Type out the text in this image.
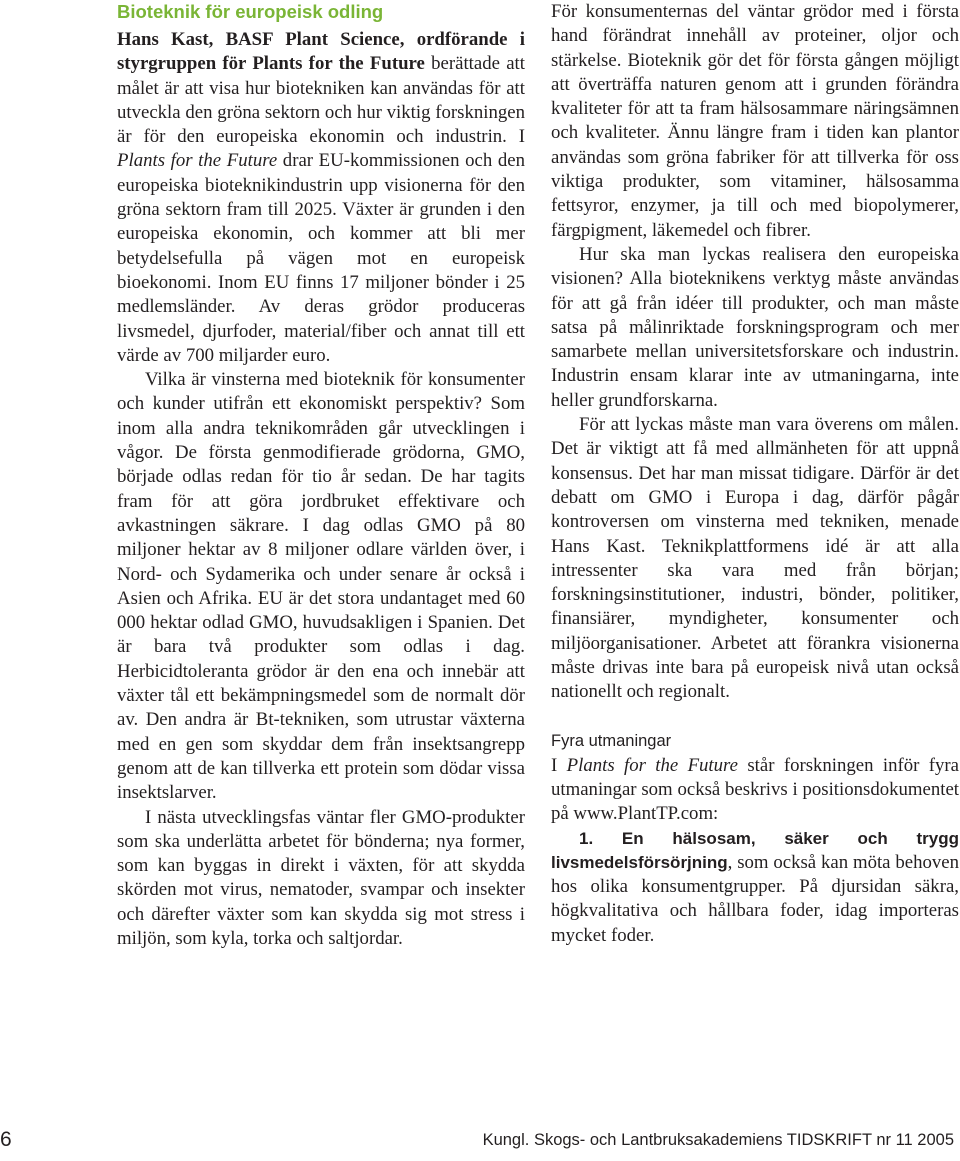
Bioteknik för europeisk odling

Hans Kast, BASF Plant Science, ordförande i styrgruppen för Plants for the Future berättade att målet är att visa hur biotekniken kan användas för att utveckla den gröna sektorn och hur viktig forskningen är för den europeiska ekonomin och industrin. I Plants for the Future drar EU-kommissionen och den europeiska bioteknikindustrin upp visionerna för den gröna sektorn fram till 2025. Växter är grunden i den europeiska ekonomin, och kommer att bli mer betydelsefulla på vägen mot en europeisk bioekonomi. Inom EU finns 17 miljoner bönder i 25 medlemsländer. Av deras grödor produceras livsmedel, djurfoder, material/fiber och annat till ett värde av 700 miljarder euro.

Vilka är vinsterna med bioteknik för konsumenter och kunder utifrån ett ekonomiskt perspektiv? Som inom alla andra teknikområden går utvecklingen i vågor. De första genmodifierade grödorna, GMO, började odlas redan för tio år sedan. De har tagits fram för att göra jordbruket effektivare och avkastningen säkrare. I dag odlas GMO på 80 miljoner hektar av 8 miljoner odlare världen över, i Nord- och Sydamerika och under senare år också i Asien och Afrika. EU är det stora undantaget med 60 000 hektar odlad GMO, huvudsakligen i Spanien. Det är bara två produkter som odlas i dag. Herbicidtoleranta grödor är den ena och innebär att växter tål ett bekämpningsmedel som de normalt dör av. Den andra är Bt-tekniken, som utrustar växterna med en gen som skyddar dem från insektsangrepp genom att de kan tillverka ett protein som dödar vissa insektslarver.

I nästa utvecklingsfas väntar fler GMO-produkter som ska underlätta arbetet för bönderna; nya former, som kan byggas in direkt i växten, för att skydda skörden mot virus, nematoder, svampar och insekter och därefter växter som kan skydda sig mot stress i miljön, som kyla, torka och saltjordar.

För konsumenternas del väntar grödor med i första hand förändrat innehåll av proteiner, oljor och stärkelse. Bioteknik gör det för första gången möjligt att överträffa naturen genom att i grunden förändra kvaliteter för att ta fram hälsosammare näringsämnen och kvaliteter. Ännu längre fram i tiden kan plantor användas som gröna fabriker för att tillverka för oss viktiga produkter, som vitaminer, hälsosamma fettsyror, enzymer, ja till och med biopolymerer, färgpigment, läkemedel och fibrer.

Hur ska man lyckas realisera den europeiska visionen? Alla bioteknikens verktyg måste användas för att gå från idéer till produkter, och man måste satsa på målinriktade forskningsprogram och mer samarbete mellan universitetsforskare och industrin. Industrin ensam klarar inte av utmaningarna, inte heller grundforskarna.

För att lyckas måste man vara överens om målen. Det är viktigt att få med allmänheten för att uppnå konsensus. Det har man missat tidigare. Därför är det debatt om GMO i Europa i dag, därför pågår kontroversen om vinsterna med tekniken, menade Hans Kast. Teknikplattformens idé är att alla intressenter ska vara med från början; forskningsinstitutioner, industri, bönder, politiker, finansiärer, myndigheter, konsumenter och miljöorganisationer. Arbetet att förankra visionerna måste drivas inte bara på europeisk nivå utan också nationellt och regionalt.

Fyra utmaningar

I Plants for the Future står forskningen inför fyra utmaningar som också beskrivs i positionsdokumentet på www.PlantTP.com:

1. En hälsosam, säker och trygg livsmedelsförsörjning, som också kan möta behoven hos olika konsumentgrupper. På djursidan säkra, högkvalitativa och hållbara foder, idag importeras mycket foder.

6	Kungl. Skogs- och Lantbruksakademiens TIDSKRIFT nr 11 2005
